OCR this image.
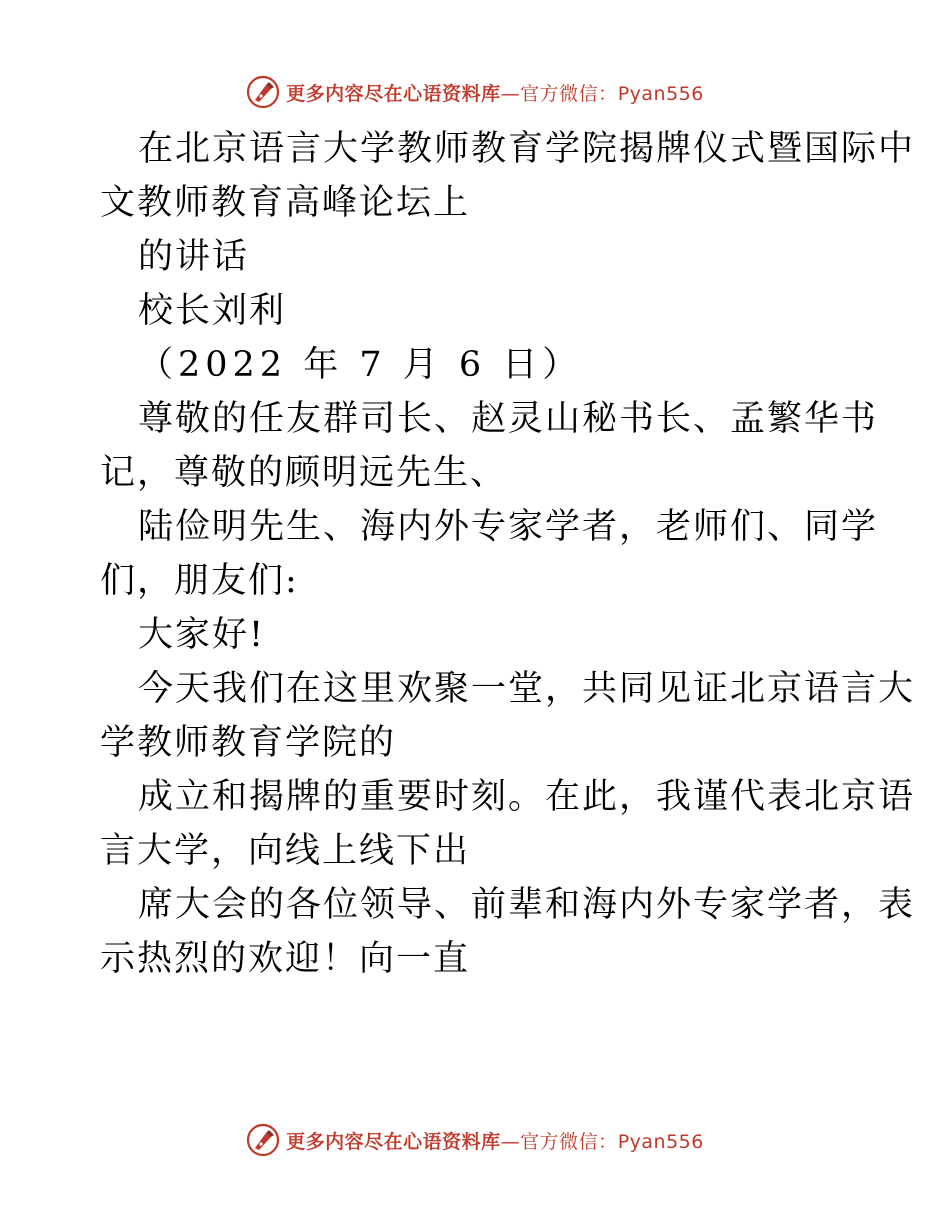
更多内容尽在心语资料库—官方微信：Pyan556
在北京语言大学教师教育学院揭牌仪式暨国际中
文教师教育高峰论坛上
的讲话
校长刘利
（2022 年 7 月 6 日）
尊敬的任友群司长、赵灵山秘书长、孟繁华书
记，尊敬的顾明远先生、
陆俭明先生、海内外专家学者，老师们、同学
们，朋友们:
大家好!
今天我们在这里欢聚一堂，共同见证北京语言大
学教师教育学院的
成立和揭牌的重要时刻。在此，我谨代表北京语
言大学，向线上线下出
席大会的各位领导、前辈和海内外专家学者，表
示热烈的欢迎！向一直
更多内容尽在心语资料库—官方微信：Pyan556
